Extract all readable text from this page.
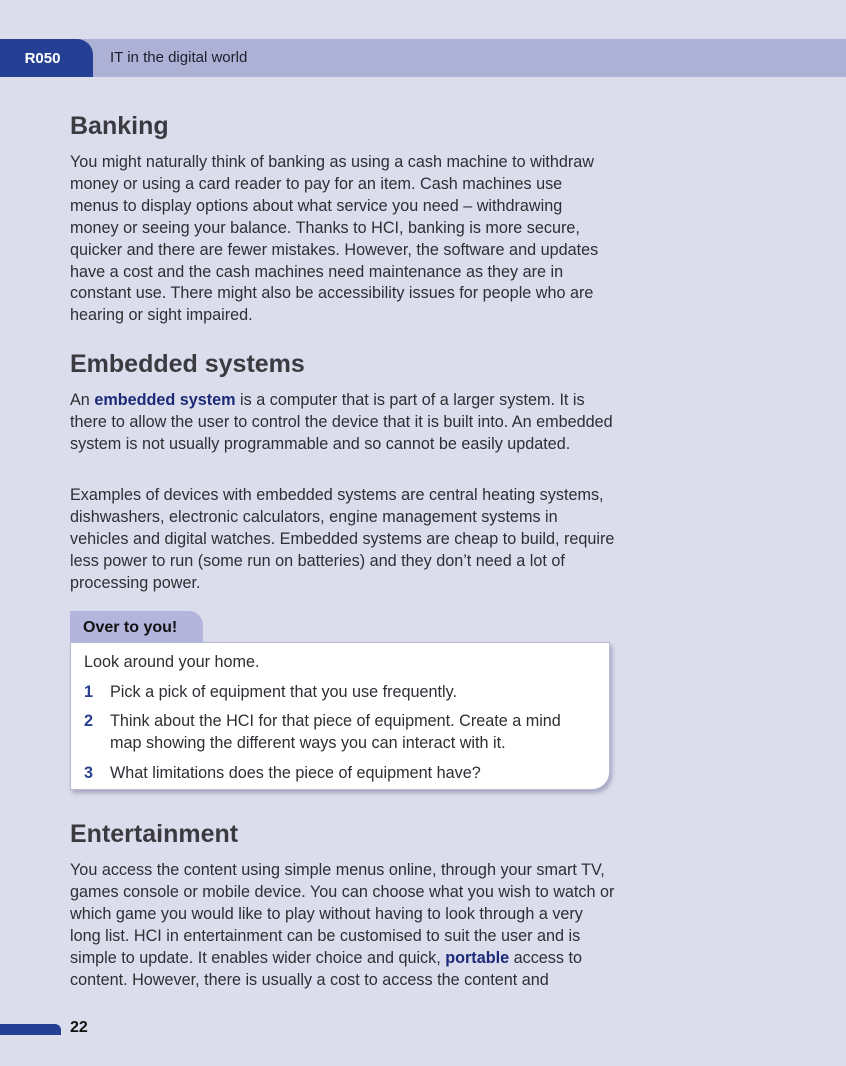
R050	IT in the digital world
Banking

You might naturally think of banking as using a cash machine to withdraw money or using a card reader to pay for an item. Cash machines use menus to display options about what service you need – withdrawing money or seeing your balance. Thanks to HCI, banking is more secure, quicker and there are fewer mistakes. However, the software and updates have a cost and the cash machines need maintenance as they are in constant use. There might also be accessibility issues for people who are hearing or sight impaired.

Embedded systems

An embedded system is a computer that is part of a larger system. It is there to allow the user to control the device that it is built into. An embedded system is not usually programmable and so cannot be easily updated.

Examples of devices with embedded systems are central heating systems, dishwashers, electronic calculators, engine management systems in vehicles and digital watches. Embedded systems are cheap to build, require less power to run (some run on batteries) and they don’t need a lot of processing power.

Entertainment

You access the content using simple menus online, through your smart TV, games console or mobile device. You can choose what you wish to watch or which game you would like to play without having to look through a very long list. HCI in entertainment can be customised to suit the user and is simple to update. It enables wider choice and quick, portable access to content. However, there is usually a cost to access the content and

Over to you!
Look around your home.
1 Pick a pick of equipment that you use frequently.
2 Think about the HCI for that piece of equipment. Create a mind map showing the different ways you can interact with it.
3 What limitations does the piece of equipment have?
22
